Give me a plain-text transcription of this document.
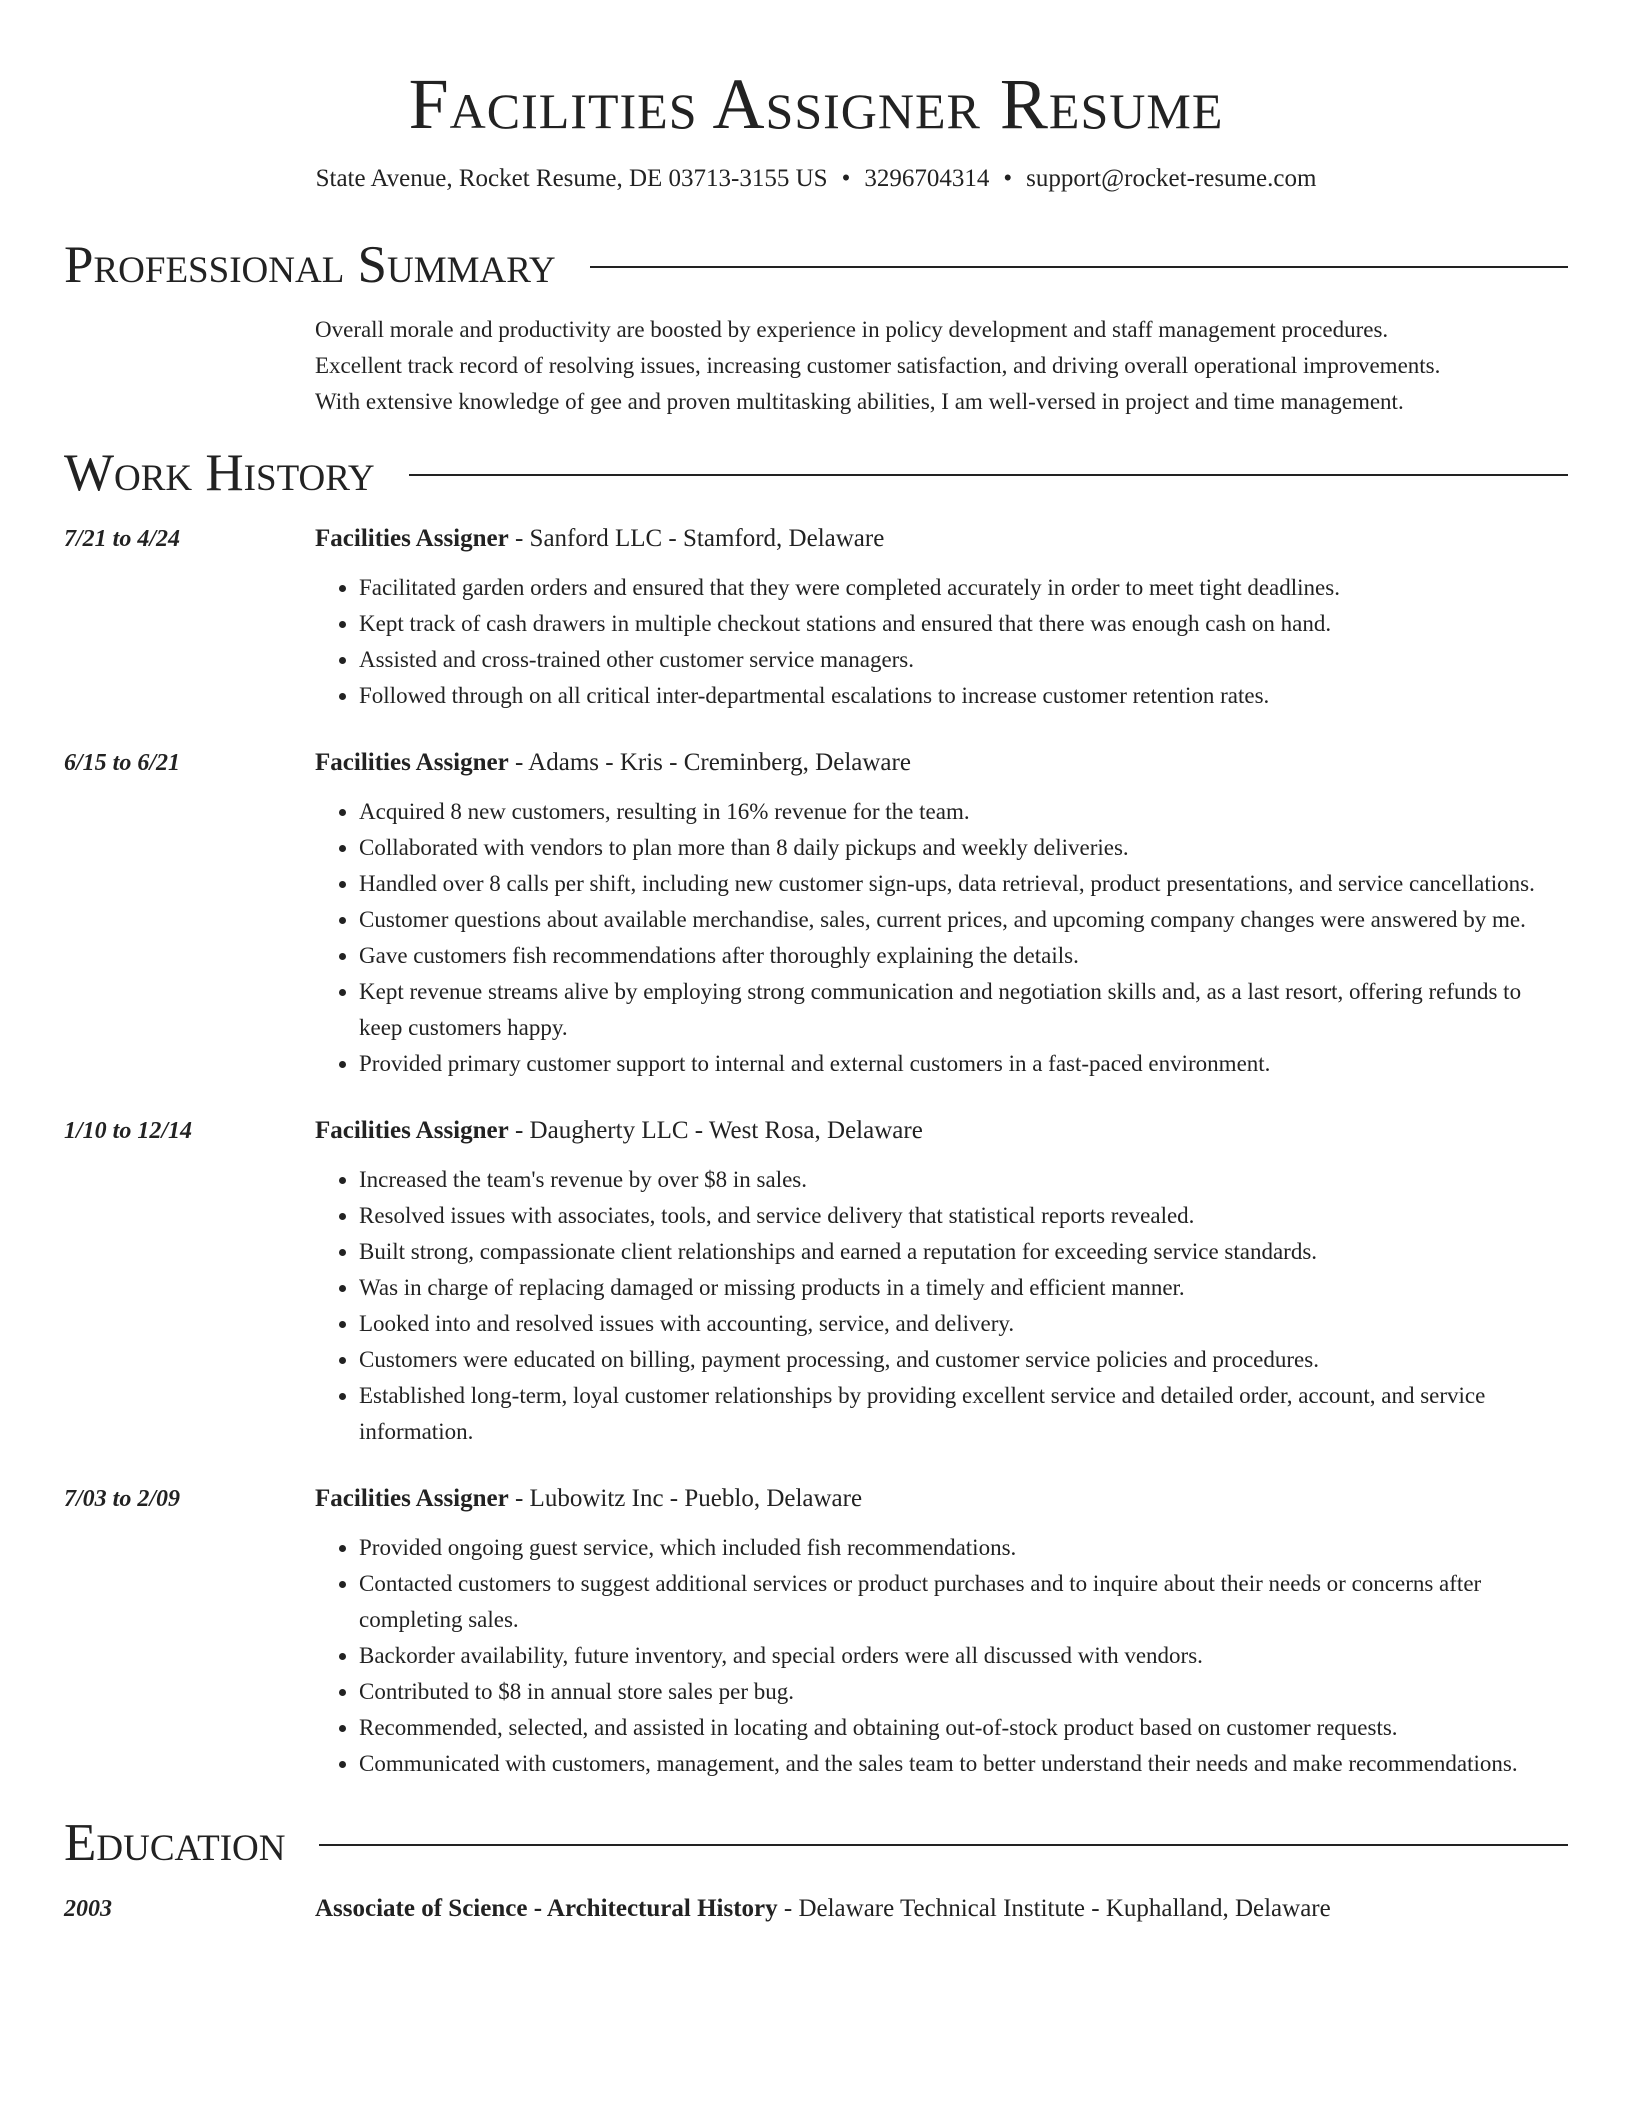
Facilities Assigner Resume
State Avenue, Rocket Resume, DE 03713-3155 US • 3296704314 • support@rocket-resume.com
Professional Summary
Overall morale and productivity are boosted by experience in policy development and staff management procedures.
Excellent track record of resolving issues, increasing customer satisfaction, and driving overall operational improvements.
With extensive knowledge of gee and proven multitasking abilities, I am well-versed in project and time management.
Work History
7/21 to 4/24	Facilities Assigner - Sanford LLC - Stamford, Delaware
• Facilitated garden orders and ensured that they were completed accurately in order to meet tight deadlines.
• Kept track of cash drawers in multiple checkout stations and ensured that there was enough cash on hand.
• Assisted and cross-trained other customer service managers.
• Followed through on all critical inter-departmental escalations to increase customer retention rates.
6/15 to 6/21	Facilities Assigner - Adams - Kris - Creminberg, Delaware
• Acquired 8 new customers, resulting in 16% revenue for the team.
• Collaborated with vendors to plan more than 8 daily pickups and weekly deliveries.
• Handled over 8 calls per shift, including new customer sign-ups, data retrieval, product presentations, and service cancellations.
• Customer questions about available merchandise, sales, current prices, and upcoming company changes were answered by me.
• Gave customers fish recommendations after thoroughly explaining the details.
• Kept revenue streams alive by employing strong communication and negotiation skills and, as a last resort, offering refunds to keep customers happy.
• Provided primary customer support to internal and external customers in a fast-paced environment.
1/10 to 12/14	Facilities Assigner - Daugherty LLC - West Rosa, Delaware
• Increased the team's revenue by over $8 in sales.
• Resolved issues with associates, tools, and service delivery that statistical reports revealed.
• Built strong, compassionate client relationships and earned a reputation for exceeding service standards.
• Was in charge of replacing damaged or missing products in a timely and efficient manner.
• Looked into and resolved issues with accounting, service, and delivery.
• Customers were educated on billing, payment processing, and customer service policies and procedures.
• Established long-term, loyal customer relationships by providing excellent service and detailed order, account, and service information.
7/03 to 2/09	Facilities Assigner - Lubowitz Inc - Pueblo, Delaware
• Provided ongoing guest service, which included fish recommendations.
• Contacted customers to suggest additional services or product purchases and to inquire about their needs or concerns after completing sales.
• Backorder availability, future inventory, and special orders were all discussed with vendors.
• Contributed to $8 in annual store sales per bug.
• Recommended, selected, and assisted in locating and obtaining out-of-stock product based on customer requests.
• Communicated with customers, management, and the sales team to better understand their needs and make recommendations.
Education
2003	Associate of Science - Architectural History - Delaware Technical Institute - Kuphalland, Delaware
